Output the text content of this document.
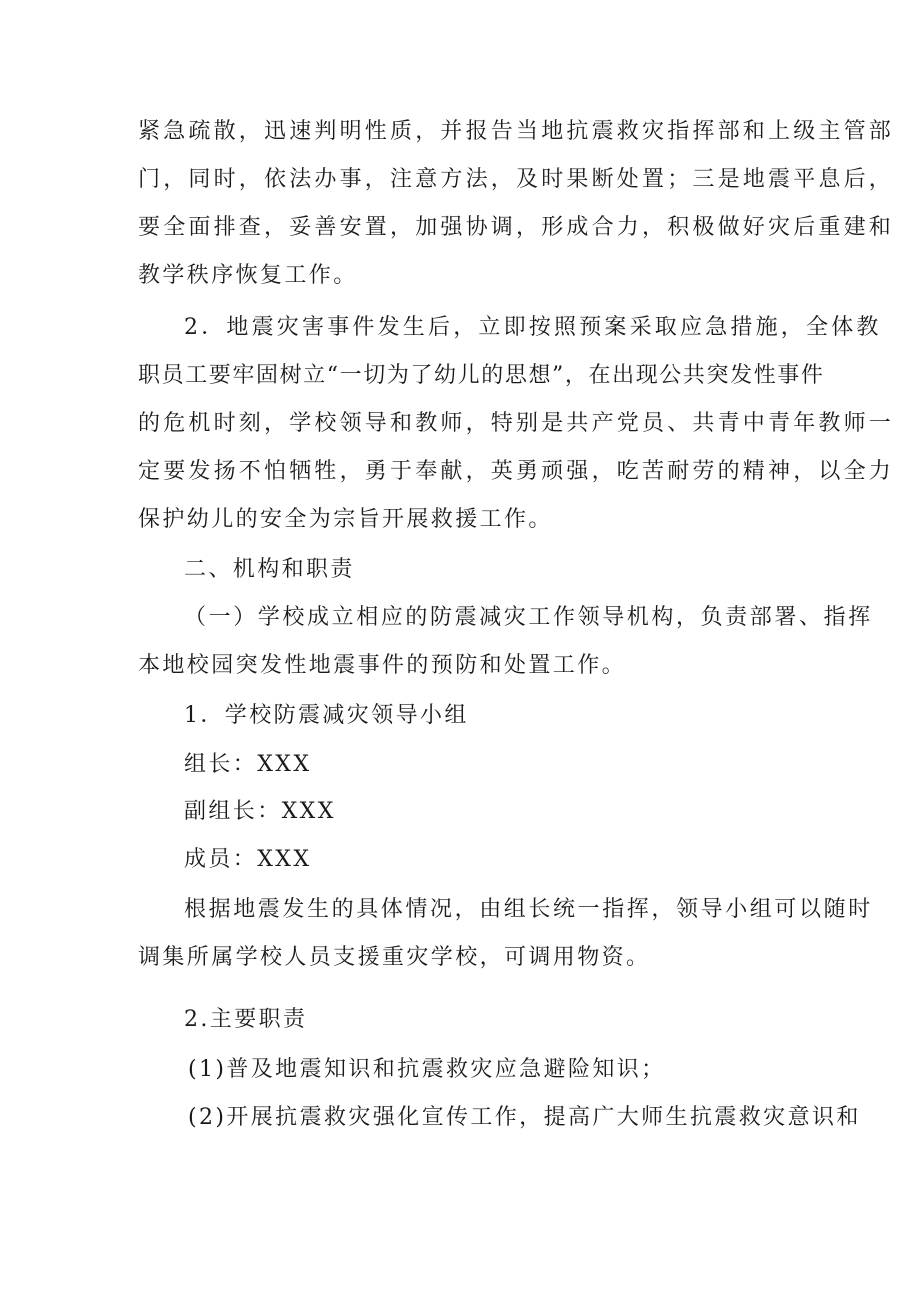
紧急疏散，迅速判明性质，并报告当地抗震救灾指挥部和上级主管部
门，同时，依法办事，注意方法，及时果断处置；三是地震平息后，
要全面排查，妥善安置，加强协调，形成合力，积极做好灾后重建和
教学秩序恢复工作。
2．地震灾害事件发生后，立即按照预案采取应急措施，全体教
职员工要牢固树立“一切为了幼儿的思想”，在出现公共突发性事件
的危机时刻，学校领导和教师，特别是共产党员、共青中青年教师一
定要发扬不怕牺牲，勇于奉献，英勇顽强，吃苦耐劳的精神，以全力
保护幼儿的安全为宗旨开展救援工作。
二、机构和职责
（一）学校成立相应的防震减灾工作领导机构，负责部署、指挥
本地校园突发性地震事件的预防和处置工作。
1．学校防震减灾领导小组
组长：XXX
副组长：XXX
成员：XXX
根据地震发生的具体情况，由组长统一指挥，领导小组可以随时
调集所属学校人员支援重灾学校，可调用物资。
2.主要职责
(1)普及地震知识和抗震救灾应急避险知识；
(2)开展抗震救灾强化宣传工作，提高广大师生抗震救灾意识和
